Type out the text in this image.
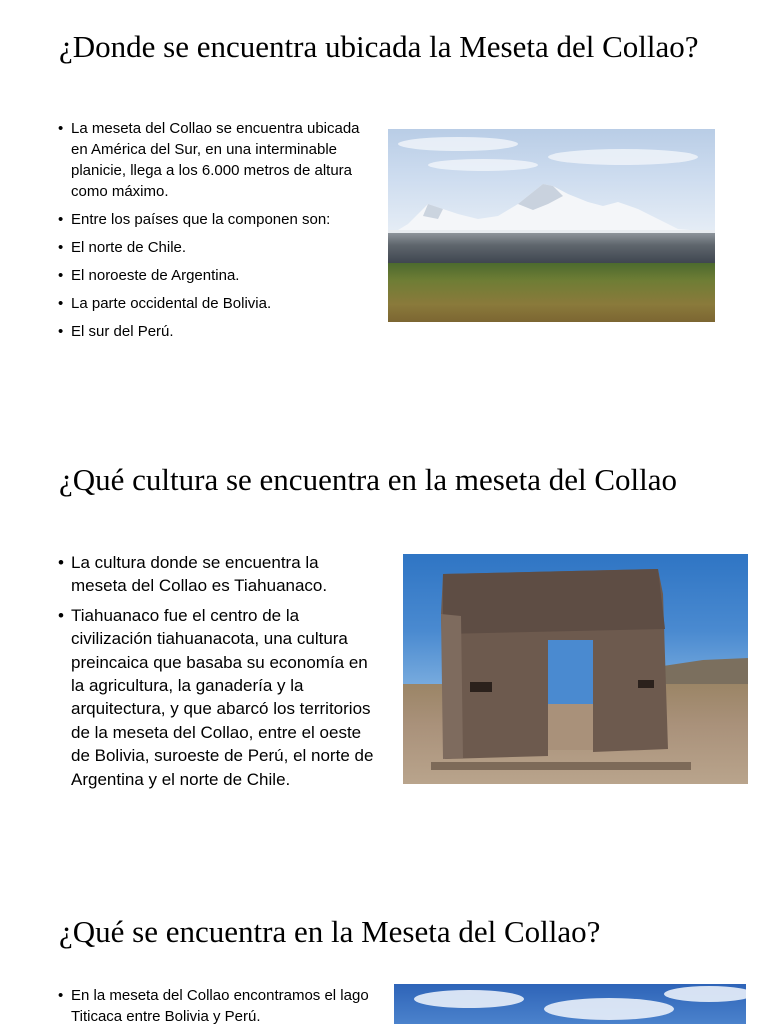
¿Donde se encuentra ubicada la Meseta del Collao?
• La meseta del Collao se encuentra ubicada en América del Sur, en una interminable planicie, llega a los 6.000 metros de altura como máximo.
• Entre los países que la componen son:
• El norte de Chile.
• El noroeste de Argentina.
• La parte occidental de Bolivia.
• El sur del Perú.
¿Qué cultura se encuentra en la meseta del Collao
• La cultura donde se encuentra la meseta del Collao es Tiahuanaco.
• Tiahuanaco fue el centro de la civilización tiahuanacota, una cultura preincaica que basaba su economía en la agricultura, la ganadería y la arquitectura, y que abarcó los territorios de la meseta del Collao, entre el oeste de Bolivia, suroeste de Perú, el norte de Argentina y el norte de Chile.
¿Qué se encuentra en la Meseta del Collao?
• En la meseta del Collao encontramos el lago Titicaca entre Bolivia y Perú.
